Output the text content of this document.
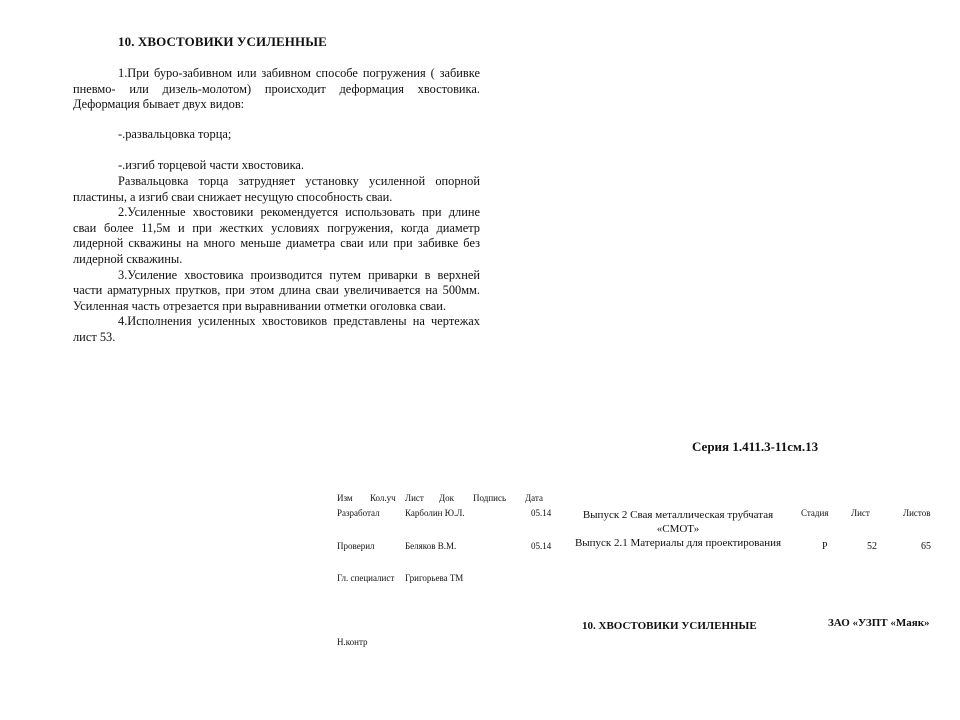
10. ХВОСТОВИКИ УСИЛЕННЫЕ

1.При буро-забивном или забивном способе погружения ( забивке пневмо- или дизель-молотом) происходит деформация хвостовика. Деформация бывает двух видов:

-.развальцовка торца;

-.изгиб торцевой части хвостовика.

Развальцовка торца затрудняет установку усиленной опорной пластины, а изгиб сваи снижает несущую способность сваи.

2.Усиленные хвостовики рекомендуется использовать при длине сваи более 11,5м и при жестких условиях погружения, когда диаметр лидерной скважины на много меньше диаметра сваи или при забивке без лидерной скважины.

3.Усиление хвостовика производится путем приварки в верхней части арматурных прутков, при этом длина сваи увеличивается на 500мм. Усиленная часть отрезается при выравнивании отметки оголовка сваи.

4.Исполнения усиленных хвостовиков представлены на чертежах лист 53.

Серия 1.411.3-11см.13
Изм Кол.уч Лист Док Подпись Дата
Разработал	Карболин Ю.Л.	05.14
Проверил	Беляков В.М.	05.14
Гл. специалист Григорьева ТМ
Н.контр
Выпуск 2 Свая металлическая трубчатая «СМОТ»
Выпуск 2.1 Материалы для проектирования
Стадия	Лист	Листов
Р	52	65
10. ХВОСТОВИКИ УСИЛЕННЫЕ	ЗАО «УЗПТ «Маяк»
